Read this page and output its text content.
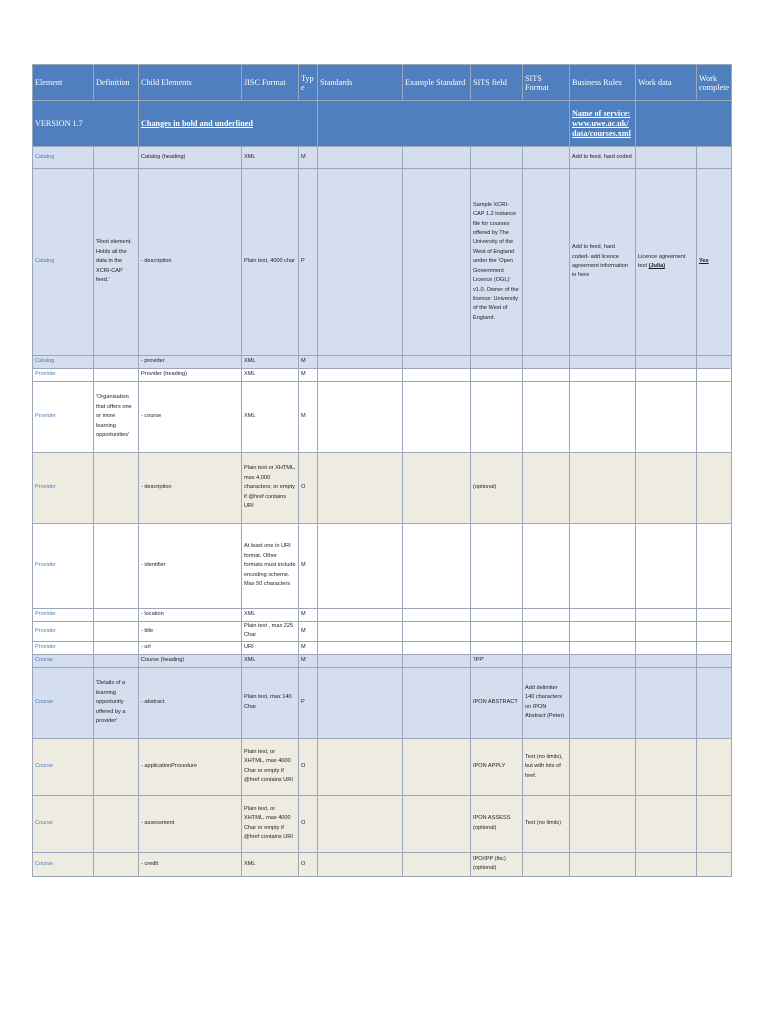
Element	Definition	Child Elements	JISC Format	Type	Standards	Example Standard	SITS field	SITS Format	Business Rules	Work data	Work complete
VERSION 1.7		Changes in bold and underlined							Name of service: www.uwe.ac.uk/data/courses.xml		
Catalog		Catalog (heading)	XML	M					Add to feed, hard coded		
Catalog	'Root element. Holds all the data in the XCRI-CAP feed.'	- description	Plain text, 4000 char	P			Sample XCRI-CAP 1.2 instance file for courses offered by The University of the West of England under the 'Open Government Licence (OGL)' v1.0. Owner of the licence: University of the West of England.		Add to feed, hard coded- add licence agreement information in here	Licence agreement text (Julia)	Yes
Catalog		- provider	XML	M							
Provider		Provider (heading)	XML	M							
Provider	'Organisation that offers one or more learning opportunities'	- course	XML	M							
Provider		- description	Plain text or XHTML, max 4,000 characters; or empty if @href contains URI	O			(optional)				
Provider		- identifier	At least one in URI format. Other formats must include encoding scheme. Max 50 characters	M							
Provider		- location	XML	M							
Provider		- title	Plain text , max 225 Char	M							
Provider		- url	URI	M							
Course		Course (heading)	XML	M			'IPP'				
Course	'Details of a learning opportunity offered by a provider'	- abstract	Plain text, max 140 Char	P			IPON ABSTRACT	Add delimiter 140 characters on IPON Abstract (Peter)			
Course		- applicationProcedure	Plain text, or XHTML, max 4000 Char or empty if @href contains URI	O			IPON APPLY	Text (no limits), but with lots of href.			
Course		- assessment	Plain text, or XHTML, max 4000 Char or empty if @href contains URI	O			IPON ASSESS (optional)	Text (no limits)			
Course		- credit	XML	O			IPO/IPP (tbc) (optional)				
